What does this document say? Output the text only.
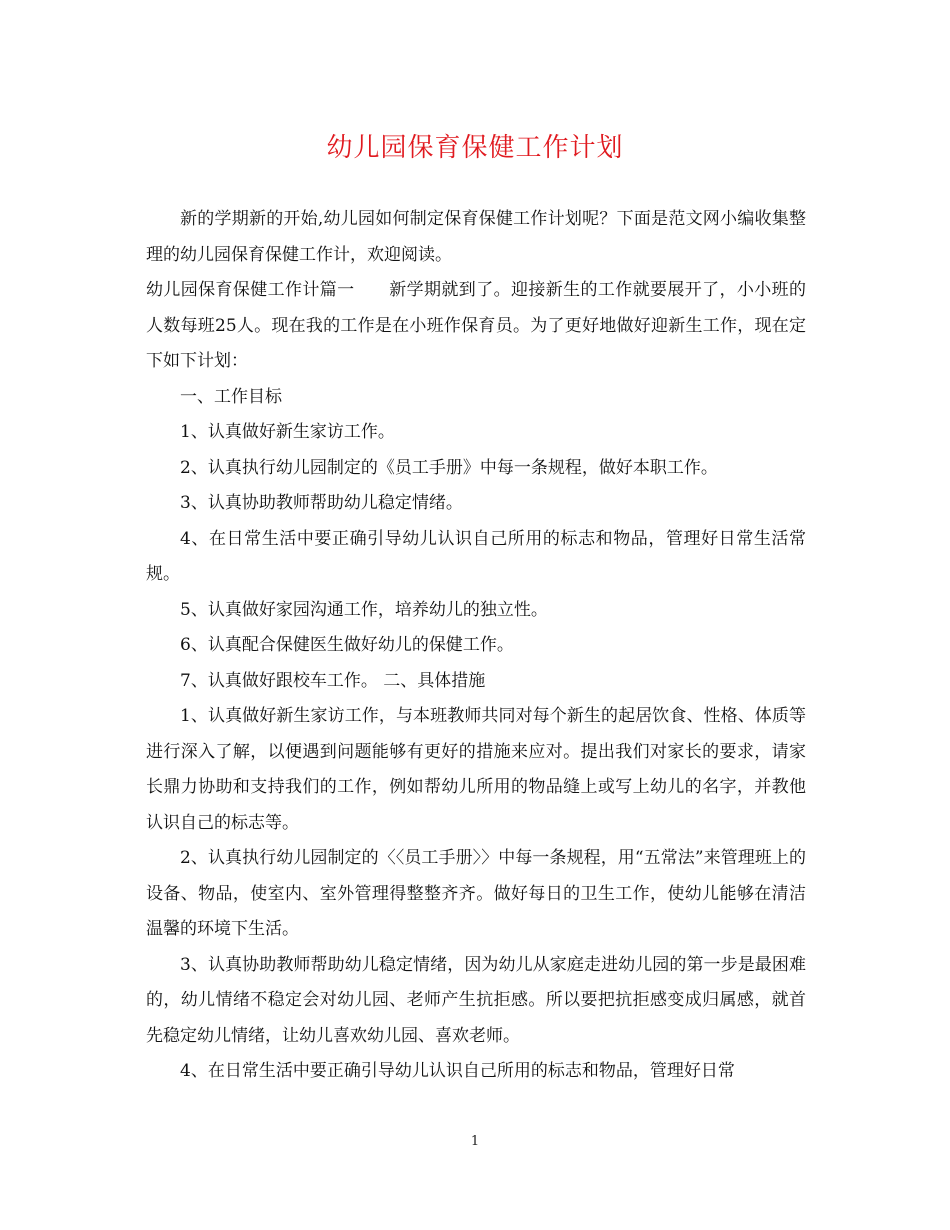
幼儿园保育保健工作计划

新的学期新的开始,幼儿园如何制定保育保健工作计划呢？下面是范文网小编收集整理的幼儿园保育保健工作计，欢迎阅读。

幼儿园保育保健工作计篇一　　新学期就到了。迎接新生的工作就要展开了，小小班的人数每班25人。现在我的工作是在小班作保育员。为了更好地做好迎新生工作，现在定下如下计划：

一、工作目标

1、认真做好新生家访工作。

2、认真执行幼儿园制定的《员工手册》中每一条规程，做好本职工作。

3、认真协助教师帮助幼儿稳定情绪。

4、在日常生活中要正确引导幼儿认识自己所用的标志和物品，管理好日常生活常规。

5、认真做好家园沟通工作，培养幼儿的独立性。

6、认真配合保健医生做好幼儿的保健工作。

7、认真做好跟校车工作。 二、具体措施

1、认真做好新生家访工作，与本班教师共同对每个新生的起居饮食、性格、体质等进行深入了解，以便遇到问题能够有更好的措施来应对。提出我们对家长的要求，请家长鼎力协助和支持我们的工作，例如帮幼儿所用的物品缝上或写上幼儿的名字，并教他认识自己的标志等。

2、认真执行幼儿园制定的〈〈员工手册〉〉中每一条规程，用“五常法”来管理班上的设备、物品，使室内、室外管理得整整齐齐。做好每日的卫生工作，使幼儿能够在清洁温馨的环境下生活。

3、认真协助教师帮助幼儿稳定情绪，因为幼儿从家庭走进幼儿园的第一步是最困难的，幼儿情绪不稳定会对幼儿园、老师产生抗拒感。所以要把抗拒感变成归属感，就首先稳定幼儿情绪，让幼儿喜欢幼儿园、喜欢老师。

4、在日常生活中要正确引导幼儿认识自己所用的标志和物品，管理好日常

1
